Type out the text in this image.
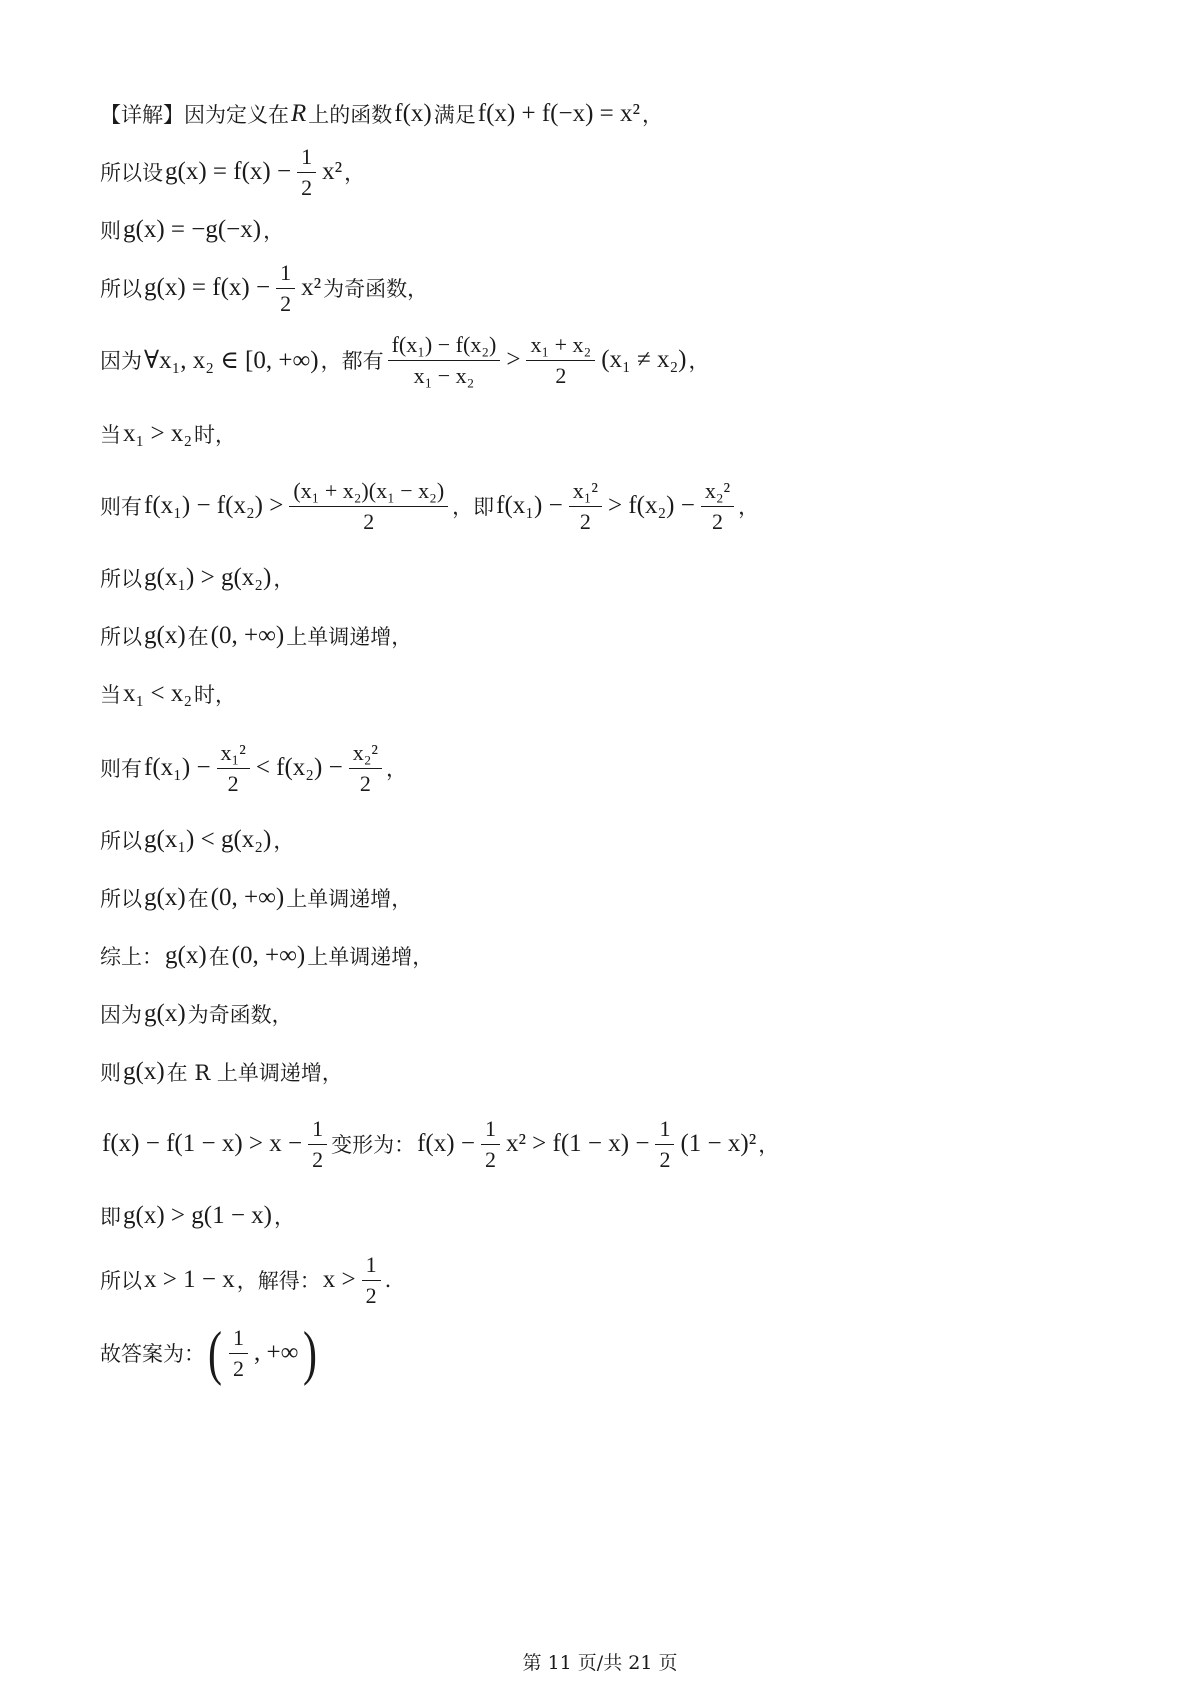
【详解】因为定义在 R 上的函数 f(x) 满足 f(x) + f(−x) = x² ，
所以设 $g(x) = f(x) - \frac{1}{2} x^2$ ，
则 g(x) = −g(−x) ，
所以 $g(x) = f(x) - \frac{1}{2} x^2$ 为奇函数，
因为 ∀x₁, x₂ ∈ [0, +∞) ，都有 $\frac{\text{f(x₁) − f(x₂)}}{\text{x₁ − x₂}} > \frac{\text{x₁ + x₂}}{2} (x_1 \ne x_2)$ ，
当 x₁ > x₂ 时，
则有 $f(x_1) - f(x_2) > \frac{\text{(x₁ + x₂)(x₁ − x₂)}}{2}$ ，即 $f(x_1) - \frac{\text{x₁²}}{2} > f(x_2) - \frac{\text{x₂²}}{2}$ ，
所以 g(x₁) > g(x₂) ，
所以 g(x) 在 (0, +∞) 上单调递增，
当 x₁ < x₂ 时，
则有 $f(x_1) - \frac{\text{x₁²}}{2} < f(x_2) - \frac{\text{x₂²}}{2}$ ，
所以 g(x₁) < g(x₂) ，
所以 g(x) 在 (0, +∞) 上单调递增，
综上： g(x) 在 (0, +∞) 上单调递增，
因为 g(x) 为奇函数，
则 g(x) 在 R 上单调递增，
$f(x) - f(1 - x) > x - \frac{1}{2}$ 变形为： $f(x) - \frac{1}{2} x^2 > f(1 - x) - \frac{1}{2} (1 - x)^2$ ，
即 g(x) > g(1 − x) ，
所以 x > 1 − x ，解得： $x > \frac{1}{2}$ .
故答案为： ( $\frac{1}{2}$ , +∞ )
第 11 页/共 21 页
